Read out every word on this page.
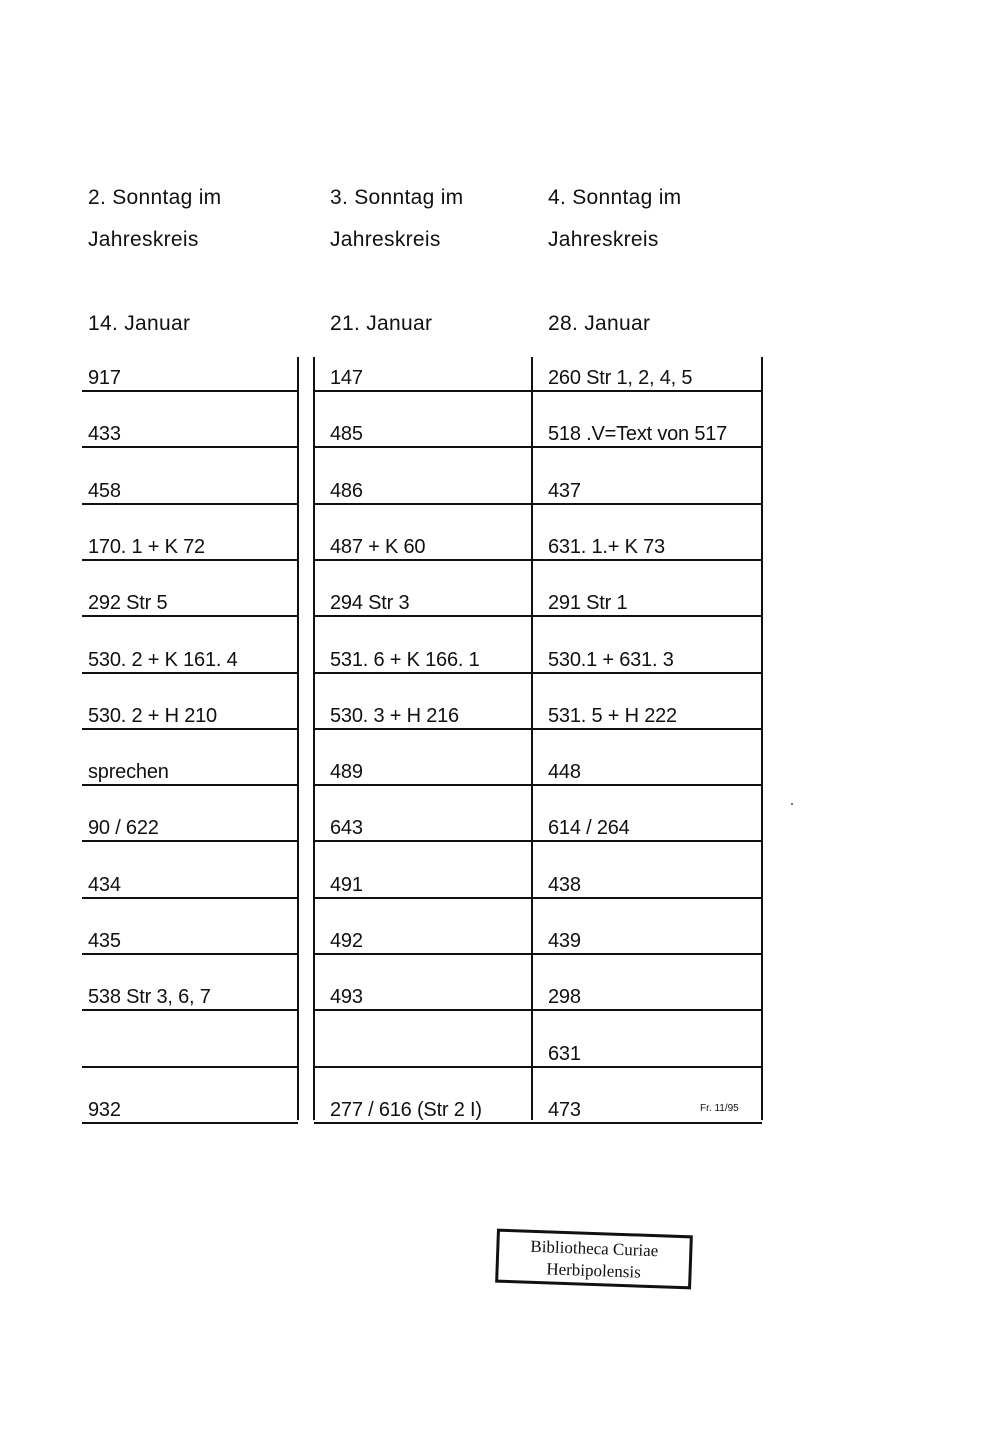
2. Sonntag im
Jahreskreis
14. Januar
3. Sonntag im
Jahreskreis
21. Januar
4. Sonntag im
Jahreskreis
28. Januar
917
433
458
170. 1 + K 72
292 Str 5
530. 2 + K 161. 4
530. 2 + H 210
sprechen
90 / 622
434
435
538 Str 3, 6, 7
932
147
485
486
487 + K 60
294 Str 3
531. 6 + K 166. 1
530. 3 + H 216
489
643
491
492
493
277 / 616 (Str 2 I)
260 Str 1, 2, 4, 5
518 .V=Text von 517
437
631. 1.+ K 73
291 Str 1
530.1 + 631. 3
531. 5 + H 222
448
614 / 264
438
439
298
631
473	Fr. 11/95
Bibliotheca Curiae
Herbipolensis
